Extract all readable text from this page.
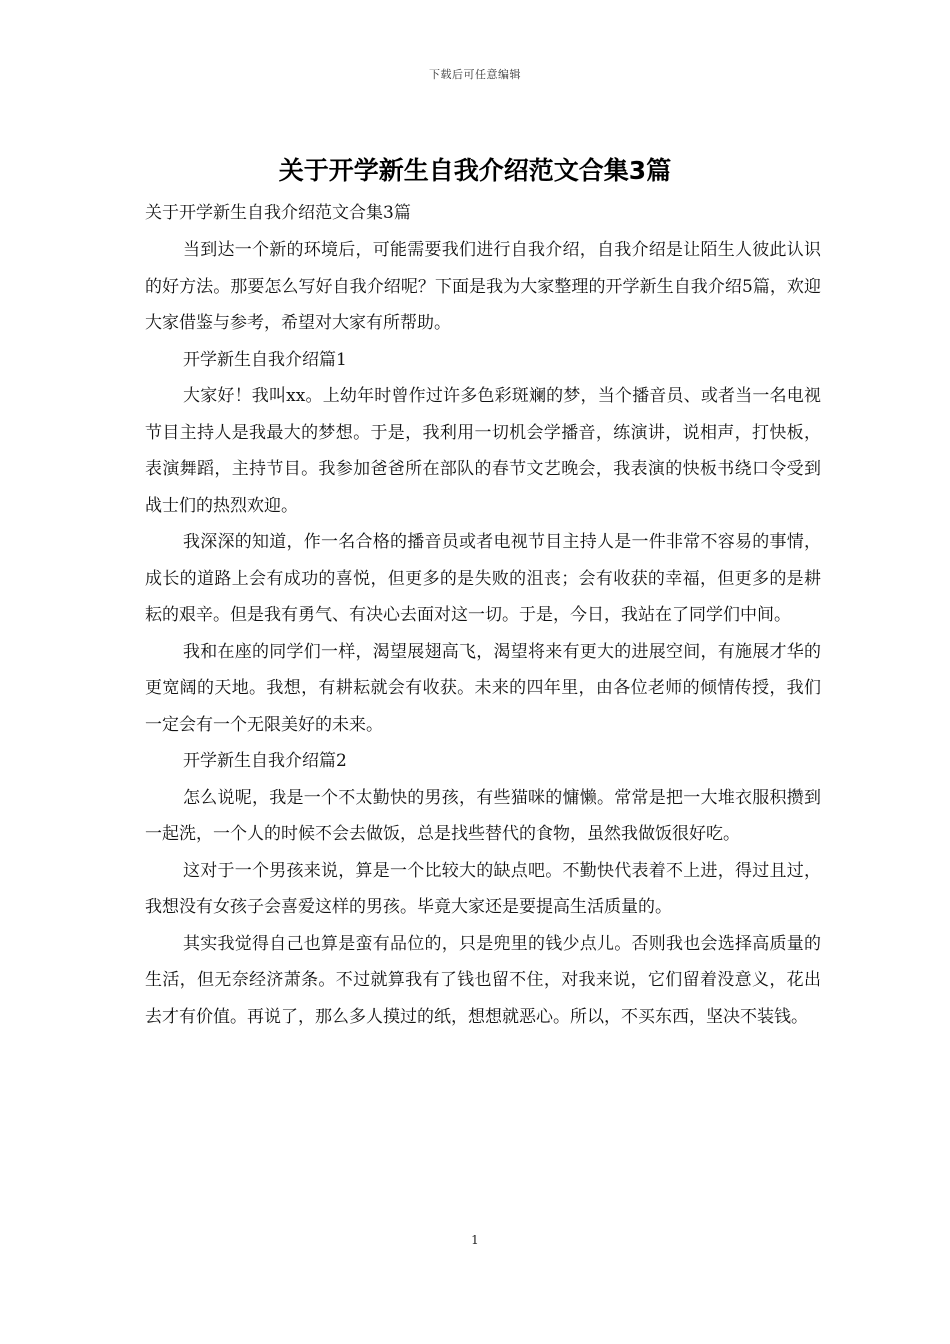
下载后可任意编辑
关于开学新生自我介绍范文合集3篇

关于开学新生自我介绍范文合集3篇

当到达一个新的环境后，可能需要我们进行自我介绍，自我介绍是让陌生人彼此认识的好方法。那要怎么写好自我介绍呢？下面是我为大家整理的开学新生自我介绍5篇，欢迎大家借鉴与参考，希望对大家有所帮助。

开学新生自我介绍篇1

大家好！我叫xx。上幼年时曾作过许多色彩斑斓的梦，当个播音员、或者当一名电视节目主持人是我最大的梦想。于是，我利用一切机会学播音，练演讲，说相声，打快板，表演舞蹈，主持节目。我参加爸爸所在部队的春节文艺晚会，我表演的快板书绕口令受到战士们的热烈欢迎。

我深深的知道，作一名合格的播音员或者电视节目主持人是一件非常不容易的事情，成长的道路上会有成功的喜悦，但更多的是失败的沮丧；会有收获的幸福，但更多的是耕耘的艰辛。但是我有勇气、有决心去面对这一切。于是，今日，我站在了同学们中间。

我和在座的同学们一样，渴望展翅高飞，渴望将来有更大的进展空间，有施展才华的更宽阔的天地。我想，有耕耘就会有收获。未来的四年里，由各位老师的倾情传授，我们一定会有一个无限美好的未来。

开学新生自我介绍篇2

怎么说呢，我是一个不太勤快的男孩，有些猫咪的慵懒。常常是把一大堆衣服积攒到一起洗，一个人的时候不会去做饭，总是找些替代的食物，虽然我做饭很好吃。

这对于一个男孩来说，算是一个比较大的缺点吧。不勤快代表着不上进，得过且过，我想没有女孩子会喜爱这样的男孩。毕竟大家还是要提高生活质量的。

其实我觉得自己也算是蛮有品位的，只是兜里的钱少点儿。否则我也会选择高质量的生活，但无奈经济萧条。不过就算我有了钱也留不住，对我来说，它们留着没意义，花出去才有价值。再说了，那么多人摸过的纸，想想就恶心。所以，不买东西，坚决不装钱。

1
